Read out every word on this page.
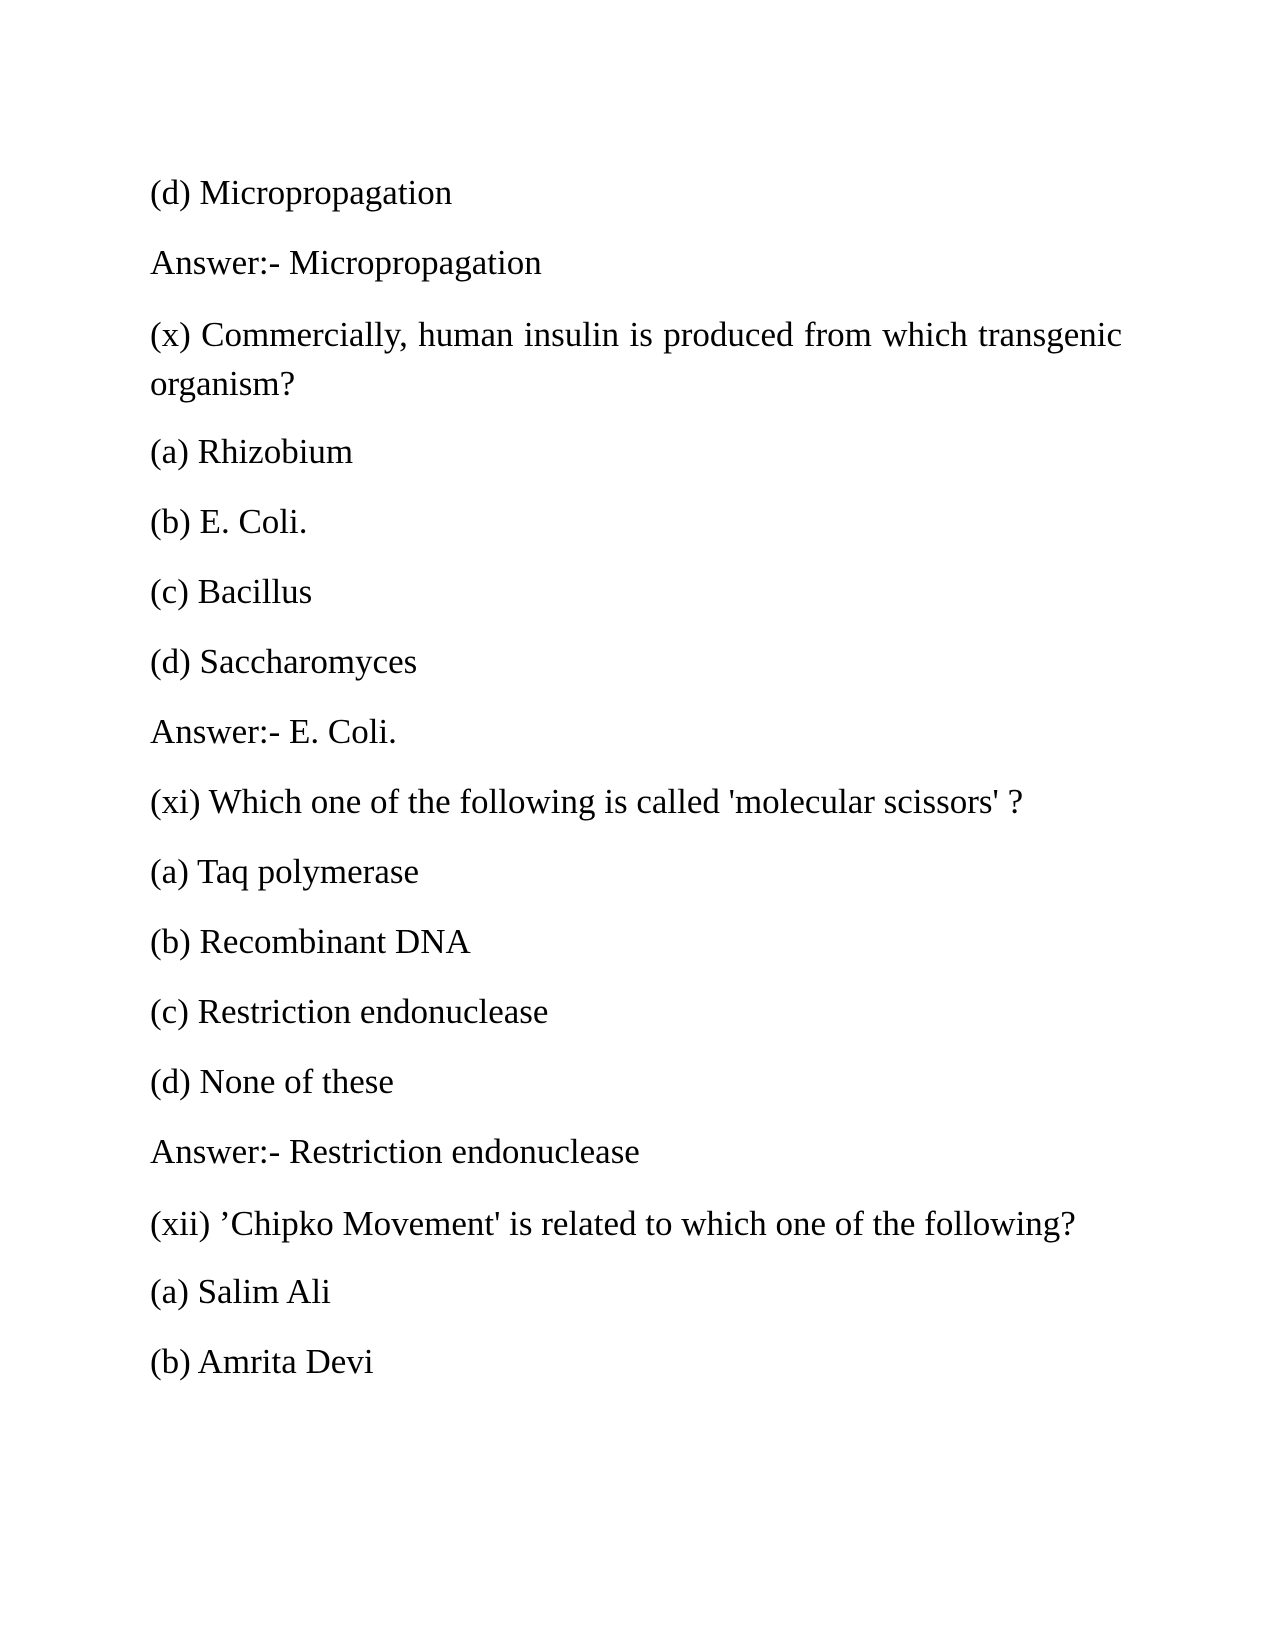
(d) Micropropagation

Answer:- Micropropagation

(x) Commercially, human insulin is produced from which transgenic organism?

(a) Rhizobium

(b) E. Coli.

(c) Bacillus

(d) Saccharomyces

Answer:- E. Coli.

(xi) Which one of the following is called 'molecular scissors' ?

(a) Taq polymerase

(b) Recombinant DNA

(c) Restriction endonuclease

(d) None of these

Answer:- Restriction endonuclease

(xii) ’Chipko Movement' is related to which one of the following?

(a) Salim Ali

(b) Amrita Devi
